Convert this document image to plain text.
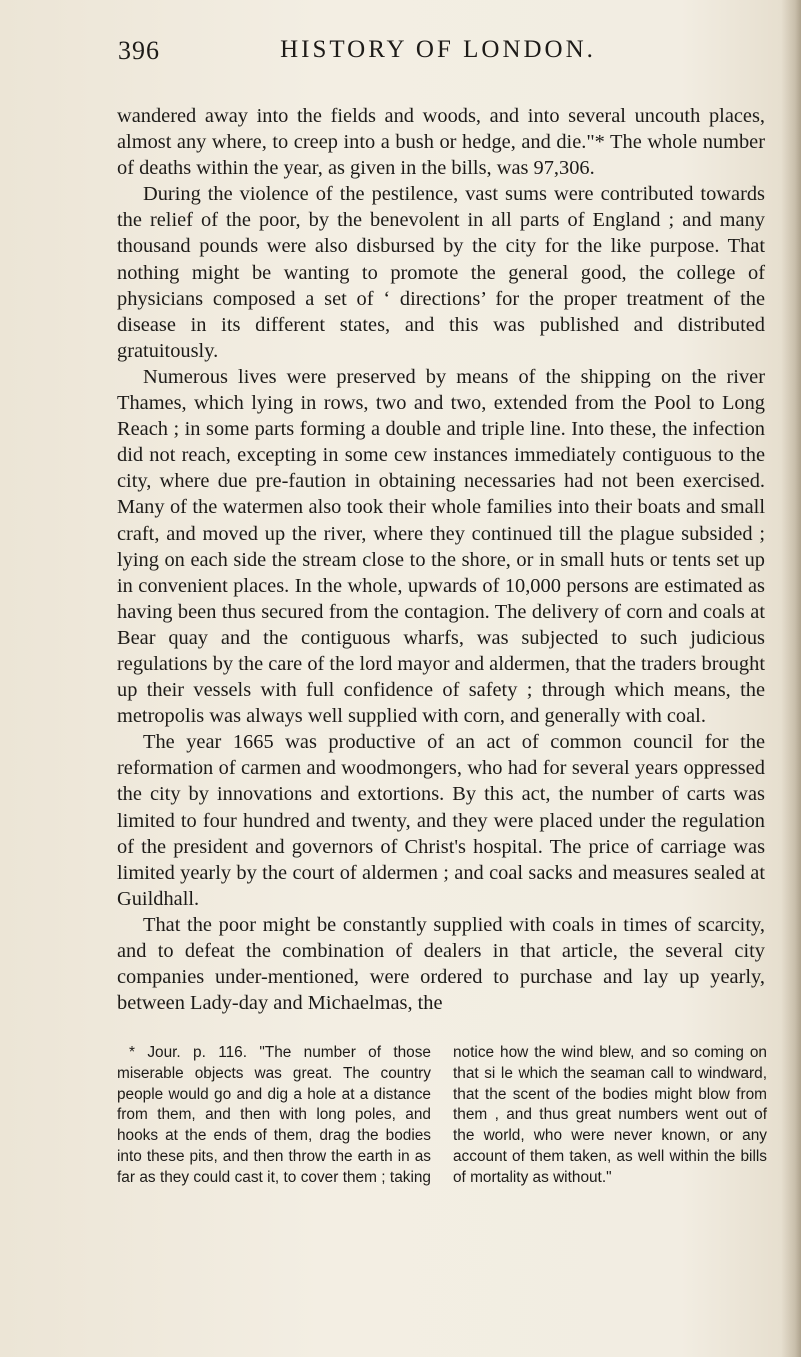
396	HISTORY OF LONDON.

wandered away into the fields and woods, and into several uncouth places, almost any where, to creep into a bush or hedge, and die."* The whole number of deaths within the year, as given in the bills, was 97,306.

During the violence of the pestilence, vast sums were contributed towards the relief of the poor, by the benevolent in all parts of England ; and many thousand pounds were also disbursed by the city for the like purpose. That nothing might be wanting to promote the general good, the college of physicians composed a set of ‘ directions’ for the proper treatment of the disease in its different states, and this was published and distributed gratuitously.

Numerous lives were preserved by means of the shipping on the river Thames, which lying in rows, two and two, extended from the Pool to Long Reach ; in some parts forming a double and triple line. Into these, the infection did not reach, excepting in some cew instances immediately contiguous to the city, where due pre-faution in obtaining necessaries had not been exercised. Many of the watermen also took their whole families into their boats and small craft, and moved up the river, where they continued till the plague subsided ; lying on each side the stream close to the shore, or in small huts or tents set up in convenient places. In the whole, upwards of 10,000 persons are estimated as having been thus secured from the contagion. The delivery of corn and coals at Bear quay and the contiguous wharfs, was subjected to such judicious regulations by the care of the lord mayor and aldermen, that the traders brought up their vessels with full confidence of safety ; through which means, the metropolis was always well supplied with corn, and generally with coal.

The year 1665 was productive of an act of common council for the reformation of carmen and woodmongers, who had for several years oppressed the city by innovations and extortions. By this act, the number of carts was limited to four hundred and twenty, and they were placed under the regulation of the president and governors of Christ's hospital. The price of carriage was limited yearly by the court of aldermen ; and coal sacks and measures sealed at Guildhall.

That the poor might be constantly supplied with coals in times of scarcity, and to defeat the combination of dealers in that article, the several city companies under-mentioned, were ordered to purchase and lay up yearly, between Lady-day and Michaelmas, the

* Jour. p. 116. "The number of those miserable objects was great. The country people would go and dig a hole at a distance from them, and then with long poles, and hooks at the ends of them, drag the bodies into these pits, and then throw the earth in as far as they could cast it, to cover them ; taking notice how the wind blew, and so coming on that si le which the seaman call to windward, that the scent of the bodies might blow from them , and thus great numbers went out of the world, who were never known, or any account of them taken, as well within the bills of mortality as without."
